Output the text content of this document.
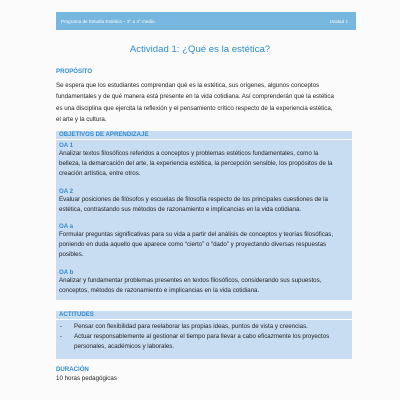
Programa de Estudio Estética – 3° a 4° medio	Unidad 1
Actividad 1: ¿Qué es la estética?
PROPÓSITO
Se espera que los estudiantes comprendan qué es la estética, sus orígenes, algunos conceptos
fundamentales y de qué manera está presente en la vida cotidiana. Así comprenderán que la estética
es una disciplina que ejercita la reflexión y el pensamiento crítico respecto de la experiencia estética,
el arte y la cultura.
OBJETIVOS DE APRENDIZAJE
OA 1
Analizar textos filosóficos referidos a conceptos y problemas estéticos fundamentales, como la
belleza, la demarcación del arte, la experiencia estética, la percepción sensible, los propósitos de la
creación artística, entre otros.
OA 2
Evaluar posiciones de filósofos y escuelas de filosofía respecto de los principales cuestiones de la
estética, contrastando sus métodos de razonamiento e implicancias en la vida cotidiana.
OA a
Formular preguntas significativas para su vida a partir del análisis de conceptos y teorías filosóficas,
poniendo en duda aquello que aparece como “cierto” o “dado” y proyectando diversas respuestas
posibles.
OA b
Analizar y fundamentar problemas presentes en textos filosóficos, considerando sus supuestos,
conceptos, métodos de razonamiento e implicancias en la vida cotidiana.
ACTITUDES
-	Pensar con flexibilidad para reelaborar las propias ideas, puntos de vista y creencias.
-	Actuar responsablemente al gestionar el tiempo para llevar a cabo eficazmente los proyectos
personales, académicos y laborales.
DURACIÓN
10 horas pedagógicas
